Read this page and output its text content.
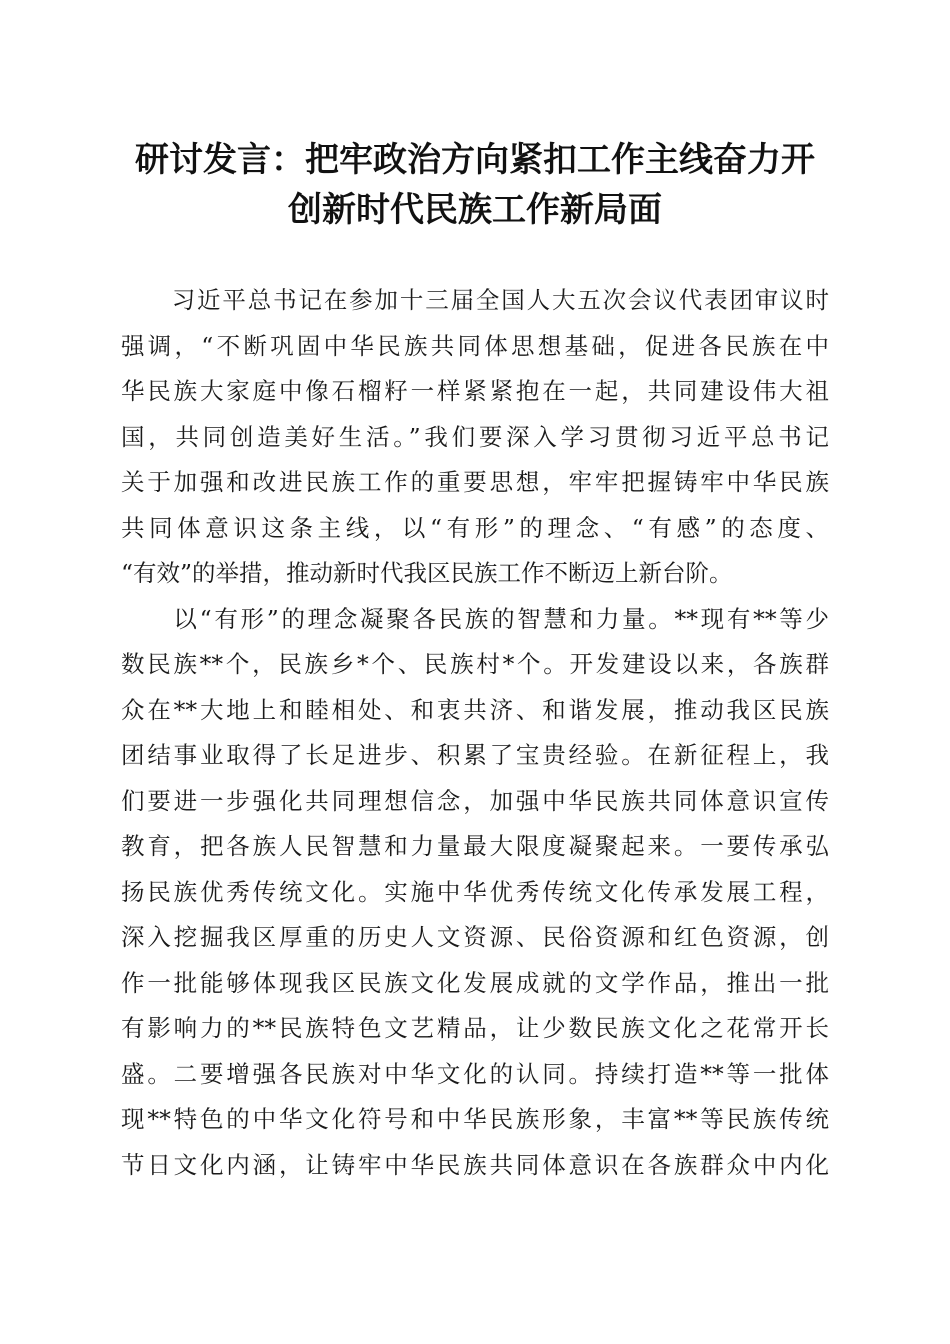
研讨发言：把牢政治方向紧扣工作主线奋力开
创新时代民族工作新局面
　　习近平总书记在参加十三届全国人大五次会议代表团审议时
强调，“不断巩固中华民族共同体思想基础，促进各民族在中
华民族大家庭中像石榴籽一样紧紧抱在一起，共同建设伟大祖
国，共同创造美好生活。”我们要深入学习贯彻习近平总书记
关于加强和改进民族工作的重要思想，牢牢把握铸牢中华民族
共同体意识这条主线，以“有形”的理念、“有感”的态度、
“有效”的举措，推动新时代我区民族工作不断迈上新台阶。
　　以“有形”的理念凝聚各民族的智慧和力量。**现有**等少
数民族**个，民族乡*个、民族村*个。开发建设以来，各族群
众在**大地上和睦相处、和衷共济、和谐发展，推动我区民族
团结事业取得了长足进步、积累了宝贵经验。在新征程上，我
们要进一步强化共同理想信念，加强中华民族共同体意识宣传
教育，把各族人民智慧和力量最大限度凝聚起来。一要传承弘
扬民族优秀传统文化。实施中华优秀传统文化传承发展工程，
深入挖掘我区厚重的历史人文资源、民俗资源和红色资源，创
作一批能够体现我区民族文化发展成就的文学作品，推出一批
有影响力的**民族特色文艺精品，让少数民族文化之花常开长
盛。二要增强各民族对中华文化的认同。持续打造**等一批体
现**特色的中华文化符号和中华民族形象，丰富**等民族传统
节日文化内涵，让铸牢中华民族共同体意识在各族群众中内化
